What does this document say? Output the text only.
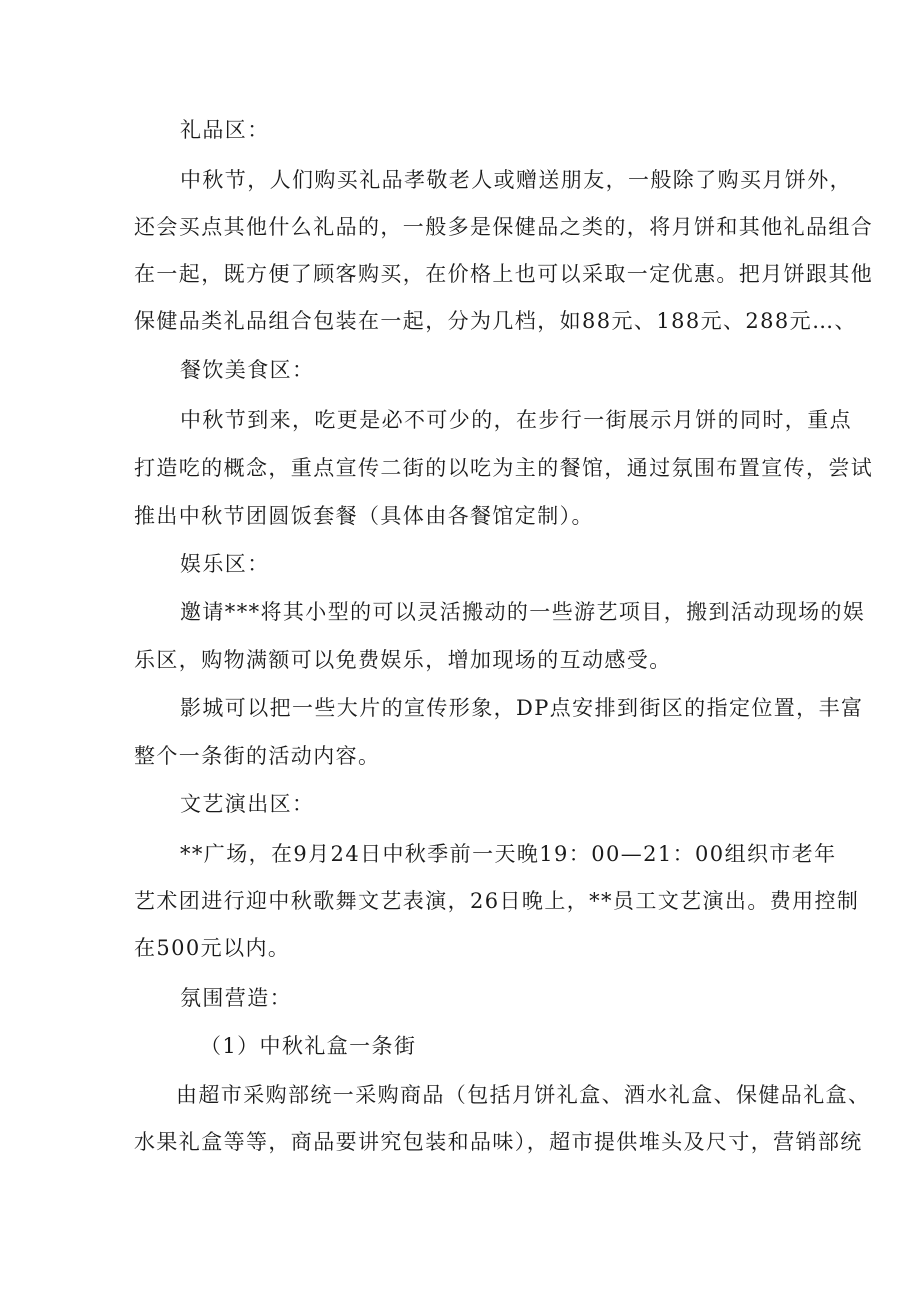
礼品区：
中秋节，人们购买礼品孝敬老人或赠送朋友，一般除了购买月饼外，
还会买点其他什么礼品的，一般多是保健品之类的，将月饼和其他礼品组合
在一起，既方便了顾客购买，在价格上也可以采取一定优惠。把月饼跟其他
保健品类礼品组合包装在一起，分为几档，如88元、188元、288元…、
餐饮美食区：
中秋节到来，吃更是必不可少的，在步行一街展示月饼的同时，重点
打造吃的概念，重点宣传二街的以吃为主的餐馆，通过氛围布置宣传，尝试
推出中秋节团圆饭套餐（具体由各餐馆定制）。
娱乐区：
邀请***将其小型的可以灵活搬动的一些游艺项目，搬到活动现场的娱
乐区，购物满额可以免费娱乐，增加现场的互动感受。
影城可以把一些大片的宣传形象，DP点安排到街区的指定位置，丰富
整个一条街的活动内容。
文艺演出区：
**广场，在9月24日中秋季前一天晚19：00—21：00组织市老年
艺术团进行迎中秋歌舞文艺表演，26日晚上，**员工文艺演出。费用控制
在500元以内。
氛围营造：
（1）中秋礼盒一条街
由超市采购部统一采购商品（包括月饼礼盒、酒水礼盒、保健品礼盒、
水果礼盒等等，商品要讲究包装和品味），超市提供堆头及尺寸，营销部统
